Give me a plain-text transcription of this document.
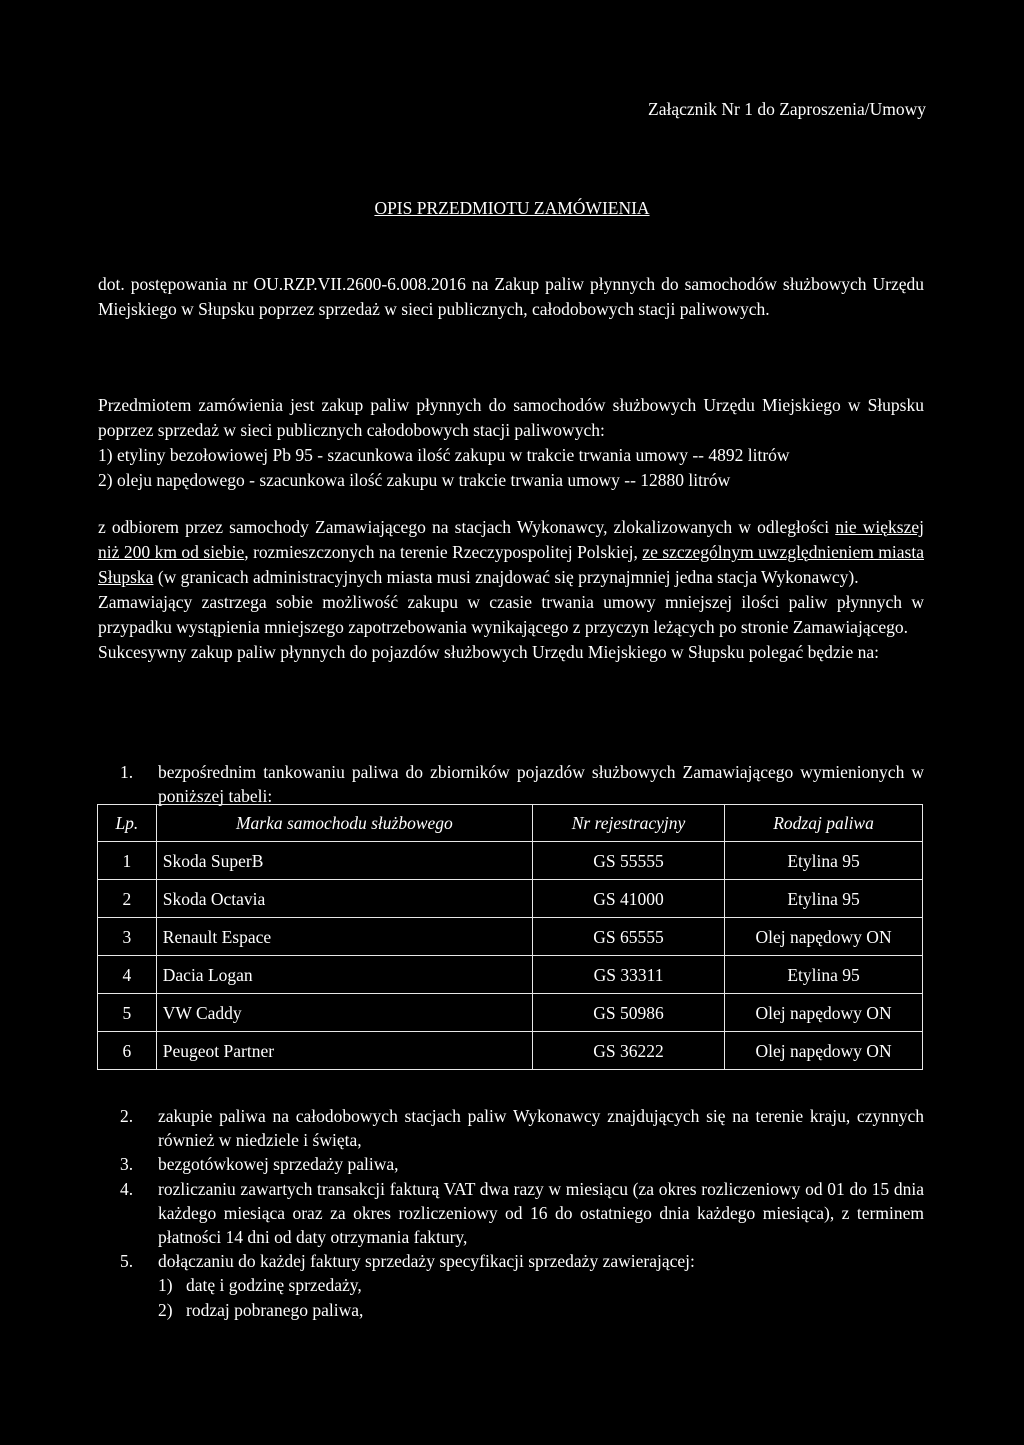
Załącznik Nr 1 do Zaproszenia/Umowy
OPIS PRZEDMIOTU ZAMÓWIENIA
dot. postępowania nr OU.RZP.VII.2600-6.008.2016 na Zakup paliw płynnych do samochodów służbowych Urzędu Miejskiego w Słupsku poprzez sprzedaż w sieci publicznych, całodobowych stacji paliwowych.

Przedmiotem zamówienia jest zakup paliw płynnych do samochodów służbowych Urzędu Miejskiego w Słupsku poprzez sprzedaż w sieci publicznych całodobowych stacji paliwowych:

1) etyliny bezołowiowej Pb 95 - szacunkowa ilość zakupu w trakcie trwania umowy -- 4892 litrów

2) oleju napędowego - szacunkowa ilość zakupu w trakcie trwania umowy -- 12880 litrów

z odbiorem przez samochody Zamawiającego na stacjach Wykonawcy, zlokalizowanych w odległości nie większej niż 200 km od siebie, rozmieszczonych na terenie Rzeczypospolitej Polskiej, ze szczególnym uwzględnieniem miasta Słupska (w granicach administracyjnych miasta musi znajdować się przynajmniej jedna stacja Wykonawcy).

Zamawiający zastrzega sobie możliwość zakupu w czasie trwania umowy mniejszej ilości paliw płynnych w przypadku wystąpienia mniejszego zapotrzebowania wynikającego z przyczyn leżących po stronie Zamawiającego.

Sukcesywny zakup paliw płynnych do pojazdów służbowych Urzędu Miejskiego w Słupsku polegać będzie na:

1. bezpośrednim tankowaniu paliwa do zbiorników pojazdów służbowych Zamawiającego wymienionych w poniższej tabeli:
Lp.	Marka samochodu służbowego	Nr rejestracyjny	Rodzaj paliwa
1	Skoda SuperB	GS 55555	Etylina 95
2	Skoda Octavia	GS 41000	Etylina 95
3	Renault Espace	GS 65555	Olej napędowy ON
4	Dacia Logan	GS 33311	Etylina 95
5	VW Caddy	GS 50986	Olej napędowy ON
6	Peugeot Partner	GS 36222	Olej napędowy ON
2. zakupie paliwa na całodobowych stacjach paliw Wykonawcy znajdujących się na terenie kraju, czynnych również w niedziele i święta,
3. bezgotówkowej sprzedaży paliwa,
4. rozliczaniu zawartych transakcji fakturą VAT dwa razy w miesiącu (za okres rozliczeniowy od 01 do 15 dnia każdego miesiąca oraz za okres rozliczeniowy od 16 do ostatniego dnia każdego miesiąca), z terminem płatności 14 dni od daty otrzymania faktury,
5. dołączaniu do każdej faktury sprzedaży specyfikacji sprzedaży zawierającej:
1) datę i godzinę sprzedaży,
2) rodzaj pobranego paliwa,
